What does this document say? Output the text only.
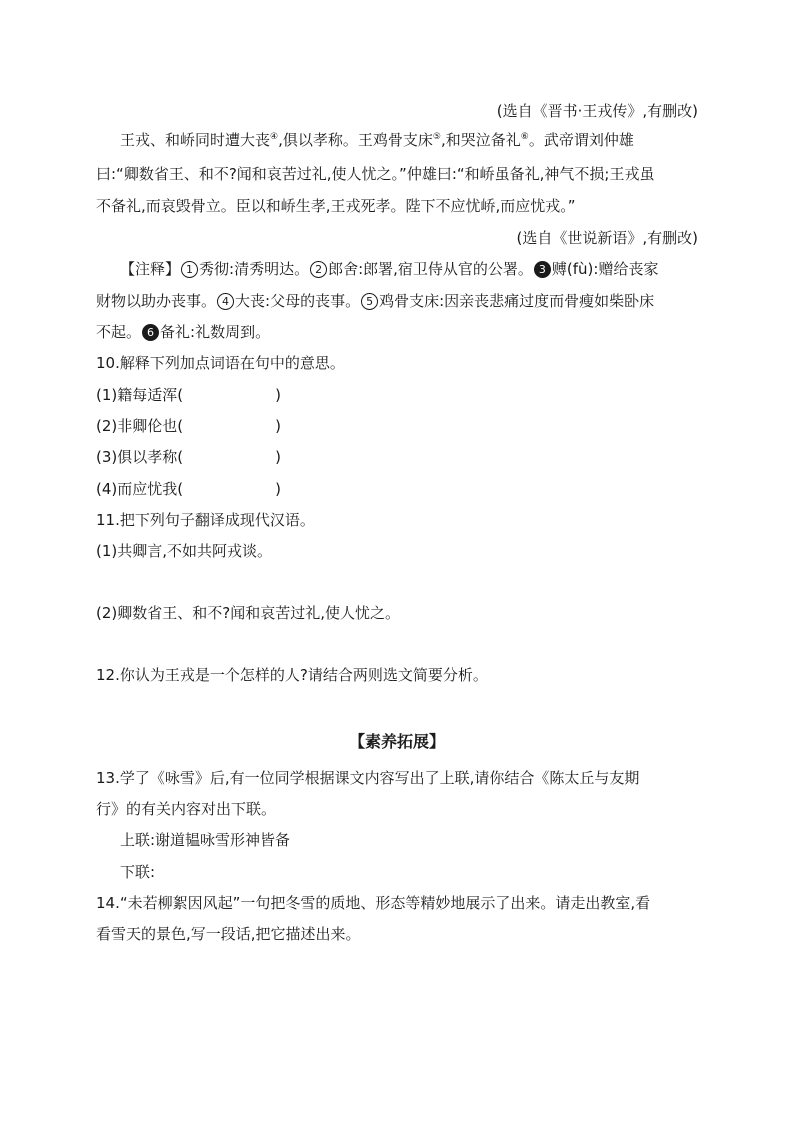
(选自《晋书·王戎传》,有删改)
王戎、和峤同时遭大丧④,俱以孝称。王鸡骨支床⑤,和哭泣备礼⑥。武帝谓刘仲雄
曰:“卿数省王、和不?闻和哀苦过礼,使人忧之。”仲雄曰:“和峤虽备礼,神气不损;王戎虽
不备礼,而哀毁骨立。臣以和峤生孝,王戎死孝。陛下不应忧峤,而应忧戎。”
(选自《世说新语》,有删改)
【注释】 1 秀彻:清秀明达。 2 郎舍:郎署,宿卫侍从官的公署。 3 赙(fù):赠给丧家
财物以助办丧事。 4 大丧:父母的丧事。 5 鸡骨支床:因亲丧悲痛过度而骨瘦如柴卧床
不起。 6 备礼:礼数周到。
10.解释下列加点词语在句中的意思。
(1)籍每适浑(	)
(2)非卿伦也(	)
(3)俱以孝称(	)
(4)而应忧我(	)
11.把下列句子翻译成现代汉语。
(1)共卿言,不如共阿戎谈。
(2)卿数省王、和不?闻和哀苦过礼,使人忧之。
12.你认为王戎是一个怎样的人?请结合两则选文简要分析。
【素养拓展】
13.学了《咏雪》后,有一位同学根据课文内容写出了上联,请你结合《陈太丘与友期
行》的有关内容对出下联。
上联:谢道韫咏雪形神皆备
下联:
14.“未若柳絮因风起”一句把冬雪的质地、形态等精妙地展示了出来。请走出教室,看
看雪天的景色,写一段话,把它描述出来。
